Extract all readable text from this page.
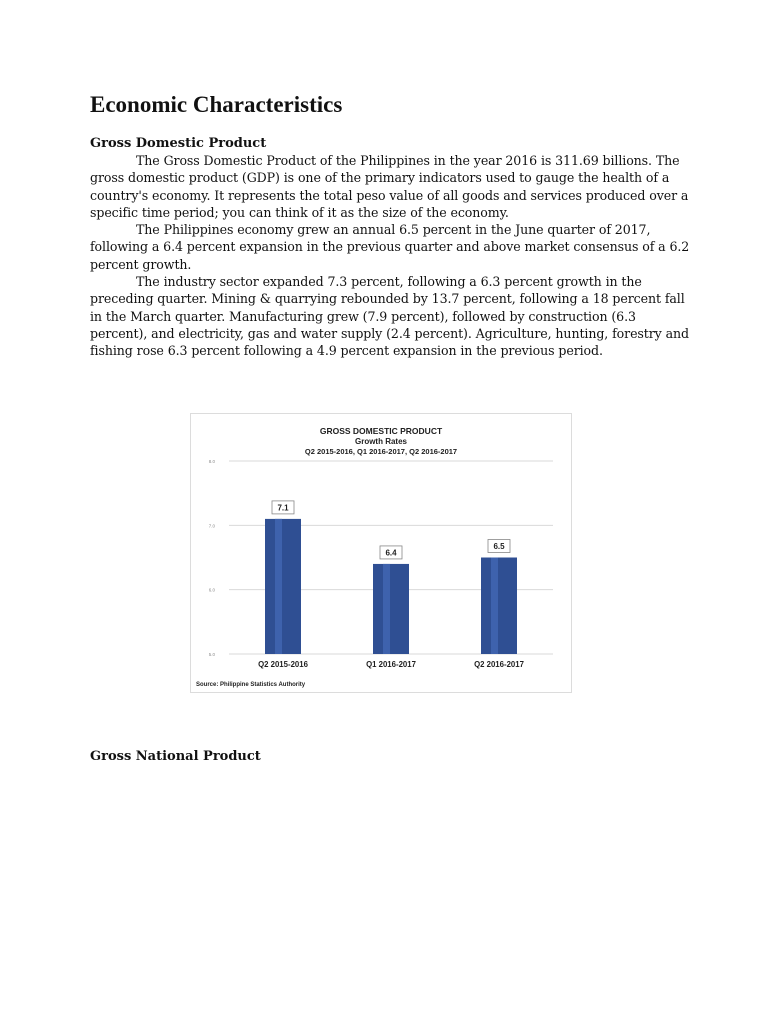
Economic Characteristics
Gross Domestic Product

The Gross Domestic Product of the Philippines in the year 2016 is 311.69 billions. The gross domestic product (GDP) is one of the primary indicators used to gauge the health of a country's economy. It represents the total peso value of all goods and services produced over a specific time period; you can think of it as the size of the economy.

The Philippines economy grew an annual 6.5 percent in the June quarter of 2017, following a 6.4 percent expansion in the previous quarter and above market consensus of a 6.2 percent growth.

The industry sector expanded 7.3 percent, following a 6.3 percent growth in the preceding quarter. Mining & quarrying rebounded by 13.7 percent, following a 18 percent fall in the March quarter. Manufacturing grew (7.9 percent), followed by construction (6.3 percent), and electricity, gas and water supply (2.4 percent). Agriculture, hunting, forestry and fishing rose 6.3 percent following a 4.9 percent expansion in the previous period.

GROSS DOMESTIC PRODUCT
Growth Rates
Q2 2015-2016, Q1 2016-2017, Q2 2016-2017
5.0
6.0
7.0
8.0
7.1
Q2 2015-2016
6.4
Q1 2016-2017
6.5
Q2 2016-2017
Source: Philippine Statistics Authority
Gross National Product
